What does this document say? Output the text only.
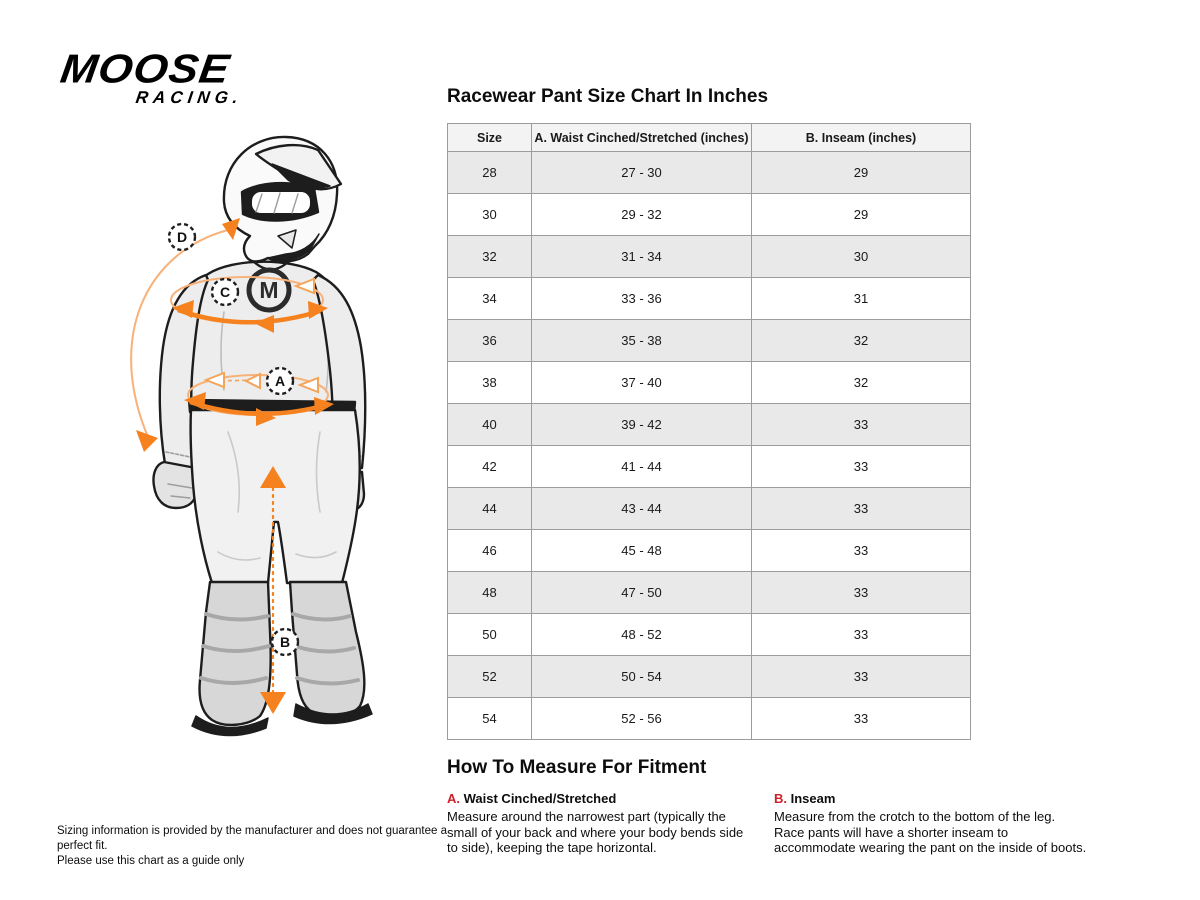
MOOSE
RACING.
M
D
C
A
B
Racewear Pant Size Chart In Inches
Size	A. Waist Cinched/Stretched (inches)	B. Inseam (inches)
28	27 - 30	29
30	29 - 32	29
32	31 - 34	30
34	33 - 36	31
36	35 - 38	32
38	37 - 40	32
40	39 - 42	33
42	41 - 44	33
44	43 - 44	33
46	45 - 48	33
48	47 - 50	33
50	48 - 52	33
52	50 - 54	33
54	52 - 56	33
How To Measure For Fitment
A. Waist Cinched/Stretched

Measure around the narrowest part (typically the small of your back and where your body bends side to side), keeping the tape horizontal.

B. Inseam

Measure from the crotch to the bottom of the leg. Race pants will have a shorter inseam to accommodate wearing the pant on the inside of boots.

Sizing information is provided by the manufacturer and does not guarantee a perfect fit.
Please use this chart as a guide only
